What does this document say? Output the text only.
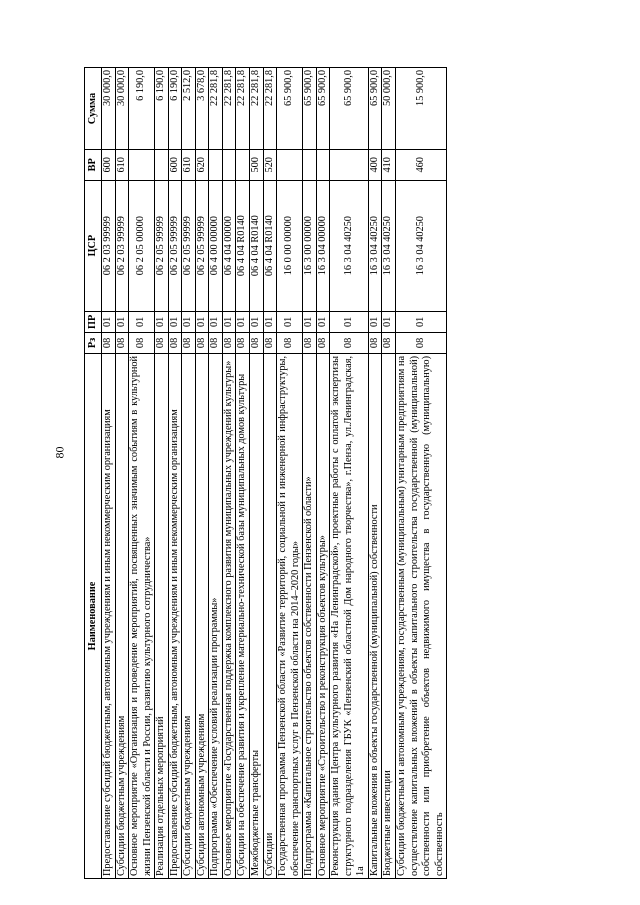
80
Наименование	Рз	ПР	ЦСР	ВР	Сумма
Предоставление субсидий бюджетным, автономным учреждениям и иным некоммерческим организациям	08	01	06 2 03 99999	600	30 000,0
Субсидии бюджетным учреждениям	08	01	06 2 03 99999	610	30 000,0
Основное мероприятие «Организация и проведение мероприятий, посвященных значимым событиям в культурной жизни Пензенской области и России, развитию культурного сотрудничества»	08	01	06 2 05 00000		6 190,0
Реализация отдельных мероприятий	08	01	06 2 05 99999		6 190,0
Предоставление субсидий бюджетным, автономным учреждениям и иным некоммерческим организациям	08	01	06 2 05 99999	600	6 190,0
Субсидии бюджетным учреждениям	08	01	06 2 05 99999	610	2 512,0
Субсидии автономным учреждениям	08	01	06 2 05 99999	620	3 678,0
Подпрограмма «Обеспечение условий реализации программы»	08	01	06 4 00 00000		22 281,8
Основное мероприятие «Государственная поддержка комплексного развития муниципальных учреждений культуры»	08	01	06 4 04 00000		22 281,8
Субсидии на обеспечение развития и укрепление материально-технической базы муниципальных домов культуры	08	01	06 4 04 R0140		22 281,8
Межбюджетные трансферты	08	01	06 4 04 R0140	500	22 281,8
Субсидии	08	01	06 4 04 R0140	520	22 281,8
Государственная программа Пензенской области «Развитие территорий, социальной и инженерной инфраструктуры, обеспечение транспортных услуг в Пензенской области на 2014–2020 годы»	08	01	16 0 00 00000		65 900,0
Подпрограмма «Капитальное строительство объектов собственности Пензенской области»	08	01	16 3 00 00000		65 900,0
Основное мероприятие «Строительство и реконструкция объектов культуры»	08	01	16 3 04 00000		65 900,0
Реконструкция здания Центра культурного развития «На Ленинградской», проектные работы с оплатой экспертизы структурного подразделения ГБУК «Пензенский областной Дом народного творчества», г.Пенза, ул.Ленинградская, 1а	08	01	16 3 04 40250		65 900,0
Капитальные вложения в объекты государственной (муниципальной) собственности	08	01	16 3 04 40250	400	65 900,0
Бюджетные инвестиции	08	01	16 3 04 40250	410	50 000,0
Субсидии бюджетным и автономным учреждениям, государственным (муниципальным) унитарным предприятиям на осуществление капитальных вложений в объекты капитального строительства государственной (муниципальной) собственности или приобретение объектов недвижимого имущества в государственную (муниципальную) собственность	08	01	16 3 04 40250	460	15 900,0
